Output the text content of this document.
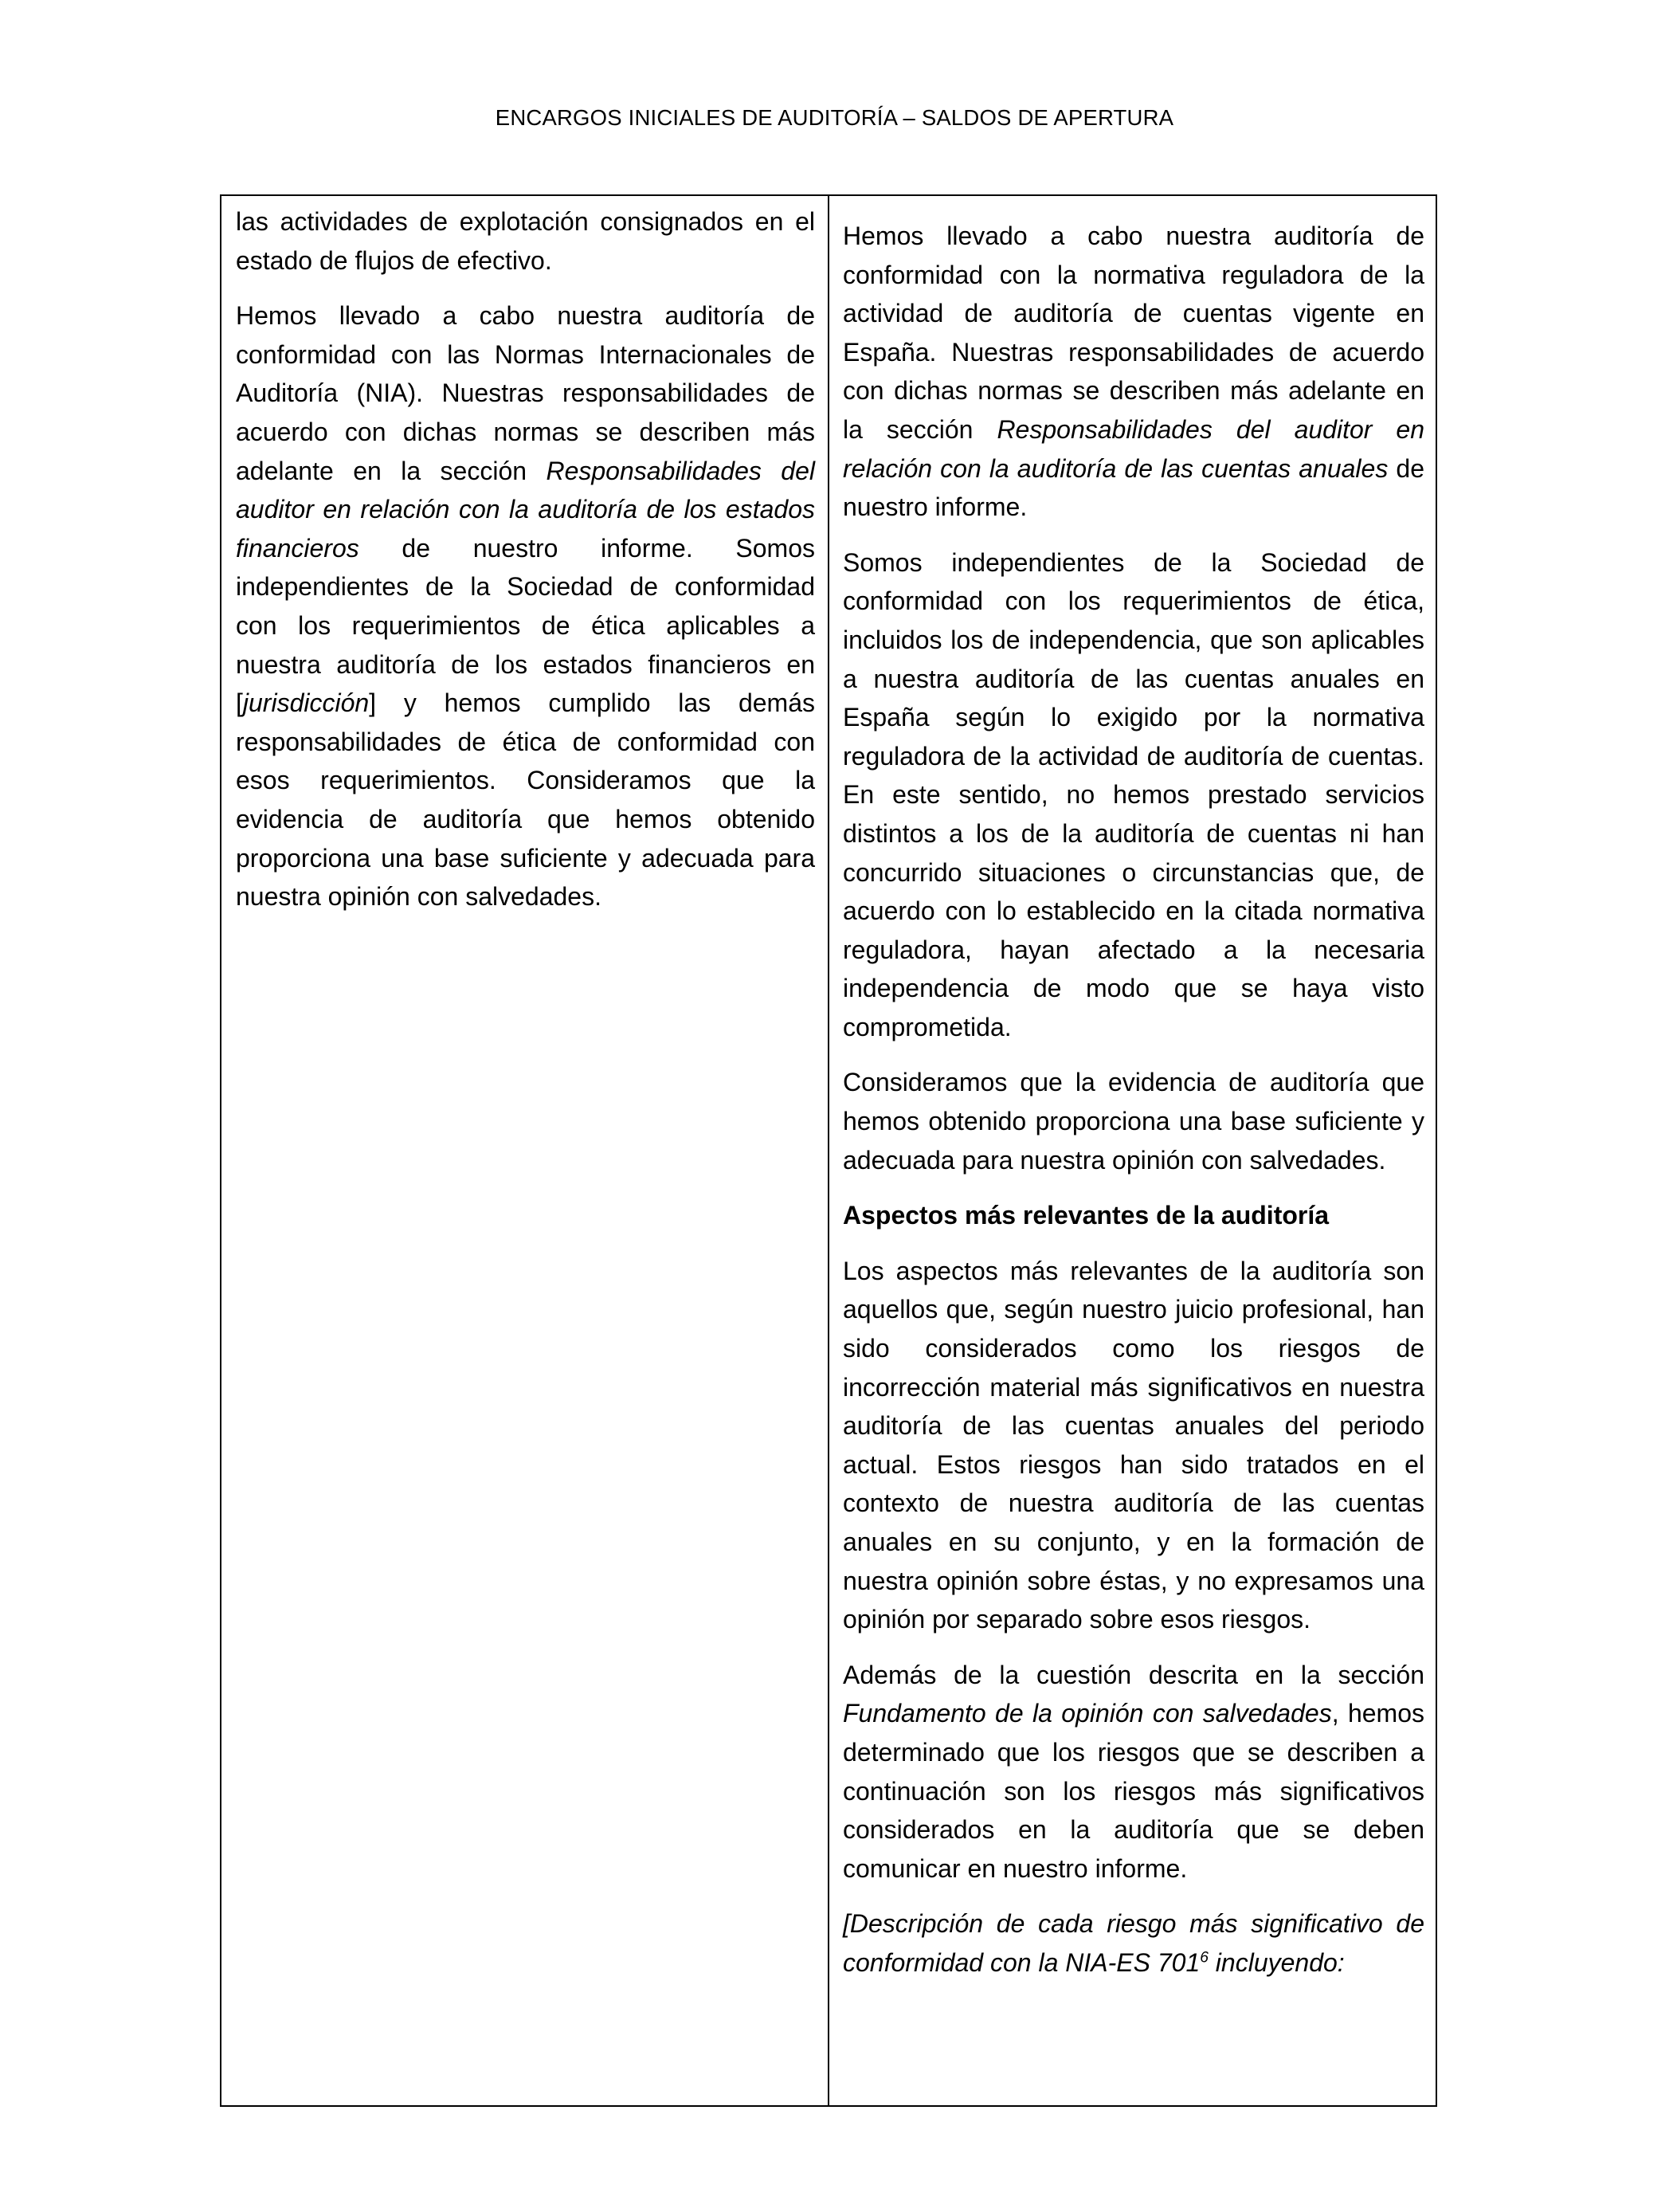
ENCARGOS INICIALES DE AUDITORÍA – SALDOS DE APERTURA

las actividades de explotación consignados en el estado de flujos de efectivo.

Hemos llevado a cabo nuestra auditoría de conformidad con las Normas Internacionales de Auditoría (NIA). Nuestras responsabilidades de acuerdo con dichas normas se describen más adelante en la sección Responsabilidades del auditor en relación con la auditoría de los estados financieros de nuestro informe. Somos independientes de la Sociedad de conformidad con los requerimientos de ética aplicables a nuestra auditoría de los estados financieros en [jurisdicción] y hemos cumplido las demás responsabilidades de ética de conformidad con esos requerimientos. Consideramos que la evidencia de auditoría que hemos obtenido proporciona una base suficiente y adecuada para nuestra opinión con salvedades.

Hemos llevado a cabo nuestra auditoría de conformidad con la normativa reguladora de la actividad de auditoría de cuentas vigente en España. Nuestras responsabilidades de acuerdo con dichas normas se describen más adelante en la sección Responsabilidades del auditor en relación con la auditoría de las cuentas anuales de nuestro informe.

Somos independientes de la Sociedad de conformidad con los requerimientos de ética, incluidos los de independencia, que son aplicables a nuestra auditoría de las cuentas anuales en España según lo exigido por la normativa reguladora de la actividad de auditoría de cuentas. En este sentido, no hemos prestado servicios distintos a los de la auditoría de cuentas ni han concurrido situaciones o circunstancias que, de acuerdo con lo establecido en la citada normativa reguladora, hayan afectado a la necesaria independencia de modo que se haya visto comprometida.

Consideramos que la evidencia de auditoría que hemos obtenido proporciona una base suficiente y adecuada para nuestra opinión con salvedades.

Aspectos más relevantes de la auditoría

Los aspectos más relevantes de la auditoría son aquellos que, según nuestro juicio profesional, han sido considerados como los riesgos de incorrección material más significativos en nuestra auditoría de las cuentas anuales del periodo actual. Estos riesgos han sido tratados en el contexto de nuestra auditoría de las cuentas anuales en su conjunto, y en la formación de nuestra opinión sobre éstas, y no expresamos una opinión por separado sobre esos riesgos.

Además de la cuestión descrita en la sección Fundamento de la opinión con salvedades, hemos determinado que los riesgos que se describen a continuación son los riesgos más significativos considerados en la auditoría que se deben comunicar en nuestro informe.

[Descripción de cada riesgo más significativo de conformidad con la NIA-ES $701^6$ incluyendo:
